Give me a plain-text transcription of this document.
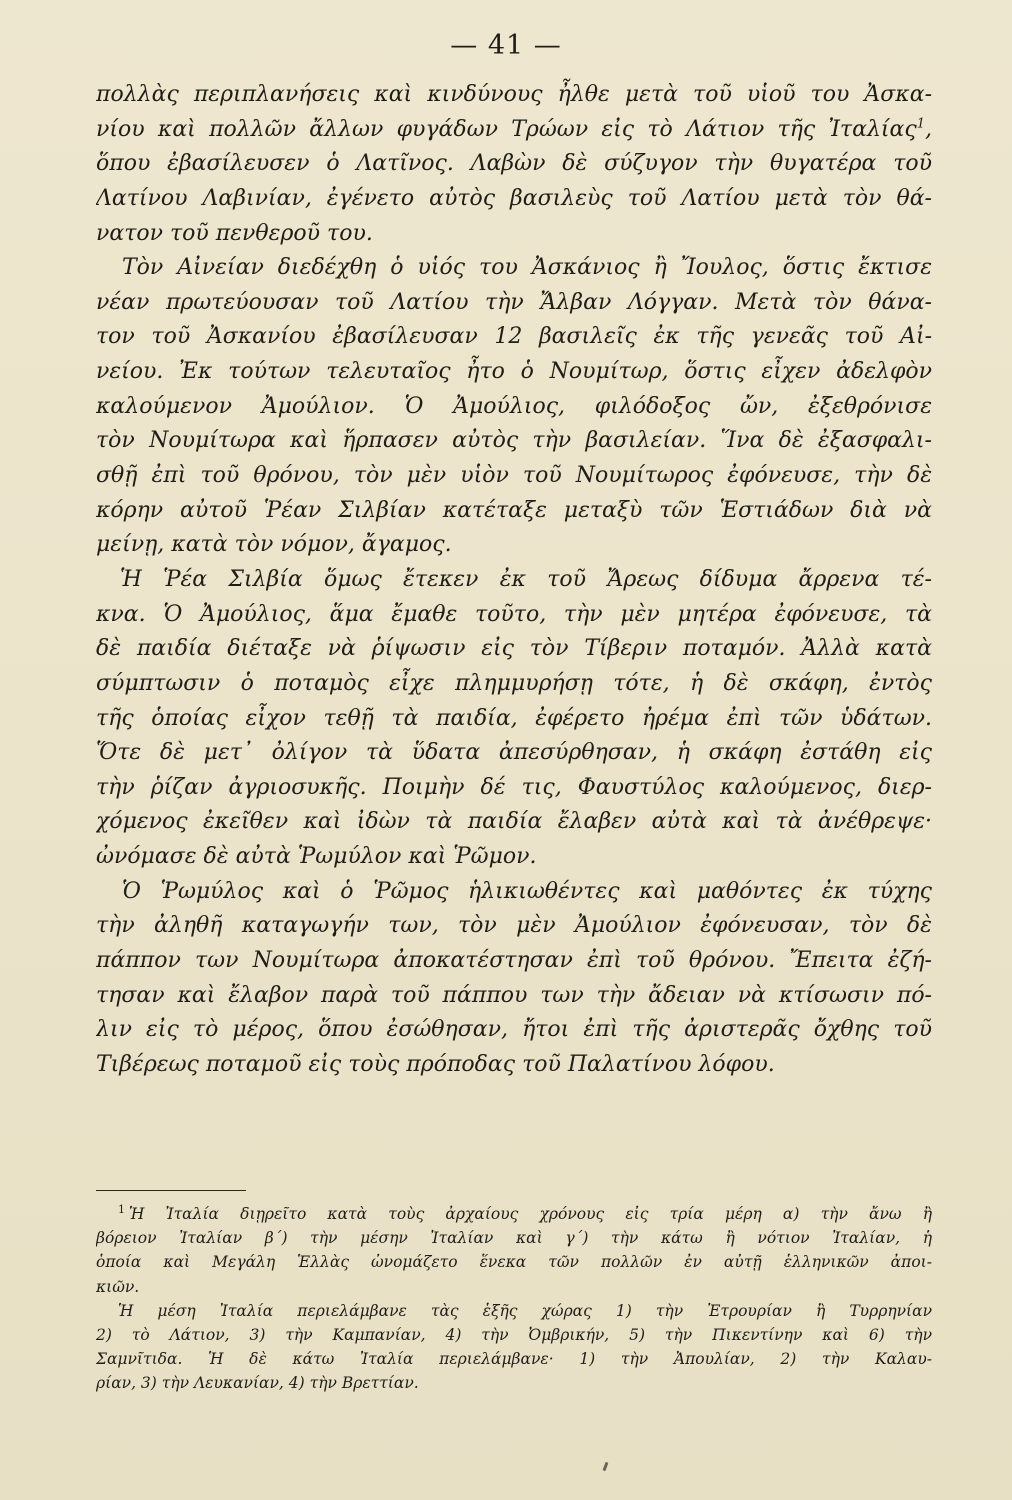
— 41 —
πολλὰς περιπλανήσεις καὶ κινδύνους ἦλθε μετὰ τοῦ υἱοῦ του Ἀσκα-
νίου καὶ πολλῶν ἄλλων φυγάδων Τρώων εἰς τὸ Λάτιον τῆς Ἰταλίας$^1$,
ὅπου ἐβασίλευσεν ὁ Λατῖνος. Λαβὼν δὲ σύζυγον τὴν θυγατέρα τοῦ
Λατίνου Λαβινίαν, ἐγένετο αὐτὸς βασιλεὺς τοῦ Λατίου μετὰ τὸν θά-
νατον τοῦ πενθεροῦ του.
Τὸν Αἰνείαν διεδέχθη ὁ υἱός του Ἀσκάνιος ἢ Ἴουλος, ὅστις ἔκτισε
νέαν πρωτεύουσαν τοῦ Λατίου τὴν Ἄλβαν Λόγγαν. Μετὰ τὸν θάνα-
τον τοῦ Ἀσκανίου ἐβασίλευσαν 12 βασιλεῖς ἐκ τῆς γενεᾶς τοῦ Αἰ-
νείου. Ἐκ τούτων τελευταῖος ἦτο ὁ Νουμίτωρ, ὅστις εἶχεν ἀδελφὸν
καλούμενον Ἀμούλιον. Ὁ Ἀμούλιος, φιλόδοξος ὤν, ἐξεθρόνισε
τὸν Νουμίτωρα καὶ ἥρπασεν αὐτὸς τὴν βασιλείαν. Ἵνα δὲ ἐξασφαλι-
σθῇ ἐπὶ τοῦ θρόνου, τὸν μὲν υἱὸν τοῦ Νουμίτωρος ἐφόνευσε, τὴν δὲ
κόρην αὐτοῦ Ῥέαν Σιλβίαν κατέταξε μεταξὺ τῶν Ἑστιάδων διὰ νὰ
μείνῃ, κατὰ τὸν νόμον, ἄγαμος.
Ἡ Ῥέα Σιλβία ὅμως ἔτεκεν ἐκ τοῦ Ἄρεως δίδυμα ἄρρενα τέ-
κνα. Ὁ Ἀμούλιος, ἅμα ἔμαθε τοῦτο, τὴν μὲν μητέρα ἐφόνευσε, τὰ
δὲ παιδία διέταξε νὰ ῥίψωσιν εἰς τὸν Τίβεριν ποταμόν. Ἀλλὰ κατὰ
σύμπτωσιν ὁ ποταμὸς εἶχε πλημμυρήσῃ τότε, ἡ δὲ σκάφη, ἐντὸς
τῆς ὁποίας εἶχον τεθῇ τὰ παιδία, ἐφέρετο ἠρέμα ἐπὶ τῶν ὑδάτων.
Ὅτε δὲ μετ᾽ ὀλίγον τὰ ὕδατα ἀπεσύρθησαν, ἡ σκάφη ἐστάθη εἰς
τὴν ῥίζαν ἀγριοσυκῆς. Ποιμὴν δέ τις, Φαυστύλος καλούμενος, διερ-
χόμενος ἐκεῖθεν καὶ ἰδὼν τὰ παιδία ἔλαβεν αὐτὰ καὶ τὰ ἀνέθρεψε·
ὠνόμασε δὲ αὐτὰ Ῥωμύλον καὶ Ῥῶμον.
Ὁ Ῥωμύλος καὶ ὁ Ῥῶμος ἡλικιωθέντες καὶ μαθόντες ἐκ τύχης
τὴν ἀληθῆ καταγωγήν των, τὸν μὲν Ἀμούλιον ἐφόνευσαν, τὸν δὲ
πάππον των Νουμίτωρα ἀποκατέστησαν ἐπὶ τοῦ θρόνου. Ἔπειτα ἐζή-
τησαν καὶ ἔλαβον παρὰ τοῦ πάππου των τὴν ἄδειαν νὰ κτίσωσιν πό-
λιν εἰς τὸ μέρος, ὅπου ἐσώθησαν, ἤτοι ἐπὶ τῆς ἀριστερᾶς ὄχθης τοῦ
Τιβέρεως ποταμοῦ εἰς τοὺς πρόποδας τοῦ Παλατίνου λόφου.
$^1$ Ἡ Ἰταλία διῃρεῖτο κατὰ τοὺς ἀρχαίους χρόνους εἰς τρία μέρη α) τὴν ἄνω ἢ
βόρειον Ἰταλίαν β΄) τὴν μέσην Ἰταλίαν καὶ γ΄) τὴν κάτω ἢ νότιον Ἰταλίαν, ἡ
ὁποία καὶ Μεγάλη Ἑλλὰς ὠνομάζετο ἕνεκα τῶν πολλῶν ἐν αὐτῇ ἑλληνικῶν ἀποι-
κιῶν.
Ἡ μέση Ἰταλία περιελάμβανε τὰς ἑξῆς χώρας 1) τὴν Ἐτρουρίαν ἢ Τυρρηνίαν
2) τὸ Λάτιον, 3) τὴν Καμπανίαν, 4) τὴν Ὀμβρικήν, 5) τὴν Πικεντίνην καὶ 6) τὴν
Σαμνῖτιδα. Ἡ δὲ κάτω Ἰταλία περιελάμβανε· 1) τὴν Ἀπουλίαν, 2) τὴν Καλαυ-
ρίαν, 3) τὴν Λευκανίαν, 4) τὴν Βρεττίαν.
